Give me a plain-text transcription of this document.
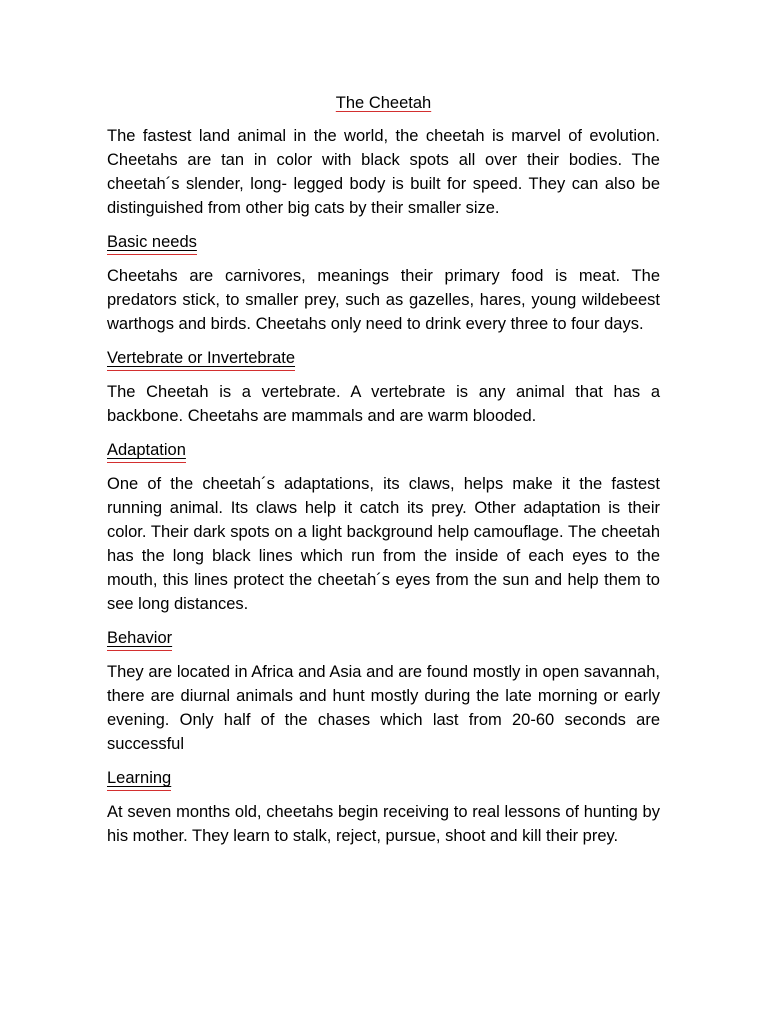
The Cheetah

The fastest land animal in the world, the cheetah is marvel of evolution. Cheetahs are tan in color with black spots all over their bodies. The cheetah´s slender, long- legged body is built for speed. They can also be distinguished from other big cats by their smaller size.

Basic needs

Cheetahs are carnivores, meanings their primary food is meat. The predators stick, to smaller prey, such as gazelles, hares, young wildebeest warthogs and birds. Cheetahs only need to drink every three to four days.

Vertebrate or Invertebrate

The Cheetah is a vertebrate. A vertebrate is any animal that has a backbone. Cheetahs are mammals and are warm blooded.

Adaptation

One of the cheetah´s adaptations, its claws, helps make it the fastest running animal. Its claws help it catch its prey. Other adaptation is their color. Their dark spots on a light background help camouflage. The cheetah has the long black lines which run from the inside of each eyes to the mouth, this lines protect the cheetah´s eyes from the sun and help them to see long distances.

Behavior

They are located in Africa and Asia and are found mostly in open savannah, there are diurnal animals and hunt mostly during the late morning or early evening. Only half of the chases which last from 20-60 seconds are successful

Learning

At seven months old, cheetahs begin receiving to real lessons of hunting by his mother. They learn to stalk, reject, pursue, shoot and kill their prey.
